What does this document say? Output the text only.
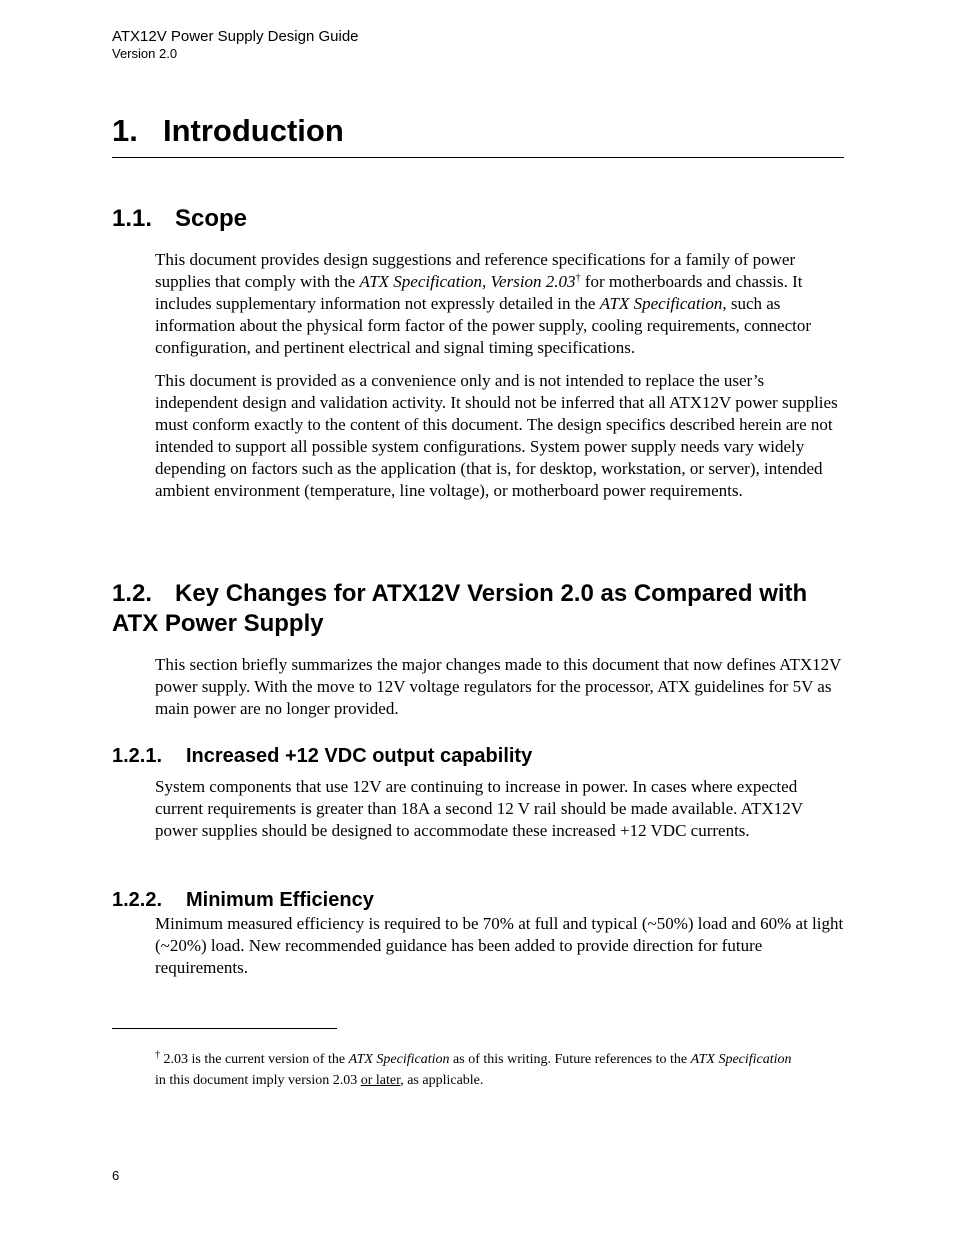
ATX12V Power Supply Design Guide
Version 2.0
1. Introduction
1.1. Scope

This document provides design suggestions and reference specifications for a family of power supplies that comply with the ATX Specification, Version 2.03† for motherboards and chassis. It includes supplementary information not expressly detailed in the ATX Specification, such as information about the physical form factor of the power supply, cooling requirements, connector configuration, and pertinent electrical and signal timing specifications.

This document is provided as a convenience only and is not intended to replace the user’s independent design and validation activity. It should not be inferred that all ATX12V power supplies must conform exactly to the content of this document. The design specifics described herein are not intended to support all possible system configurations. System power supply needs vary widely depending on factors such as the application (that is, for desktop, workstation, or server), intended ambient environment (temperature, line voltage), or motherboard power requirements.

1.2. Key Changes for ATX12V Version 2.0 as Compared with
ATX Power Supply

This section briefly summarizes the major changes made to this document that now defines ATX12V power supply. With the move to 12V voltage regulators for the processor, ATX guidelines for 5V as main power are no longer provided.

1.2.1. Increased +12 VDC output capability

System components that use 12V are continuing to increase in power. In cases where expected current requirements is greater than 18A a second 12 V rail should be made available. ATX12V power supplies should be designed to accommodate these increased +12 VDC currents.

1.2.2. Minimum Efficiency

Minimum measured efficiency is required to be 70% at full and typical (~50%) load and 60% at light (~20%) load. New recommended guidance has been added to provide direction for future requirements.

† 2.03 is the current version of the ATX Specification as of this writing. Future references to the ATX Specification in this document imply version 2.03 or later, as applicable.
6
